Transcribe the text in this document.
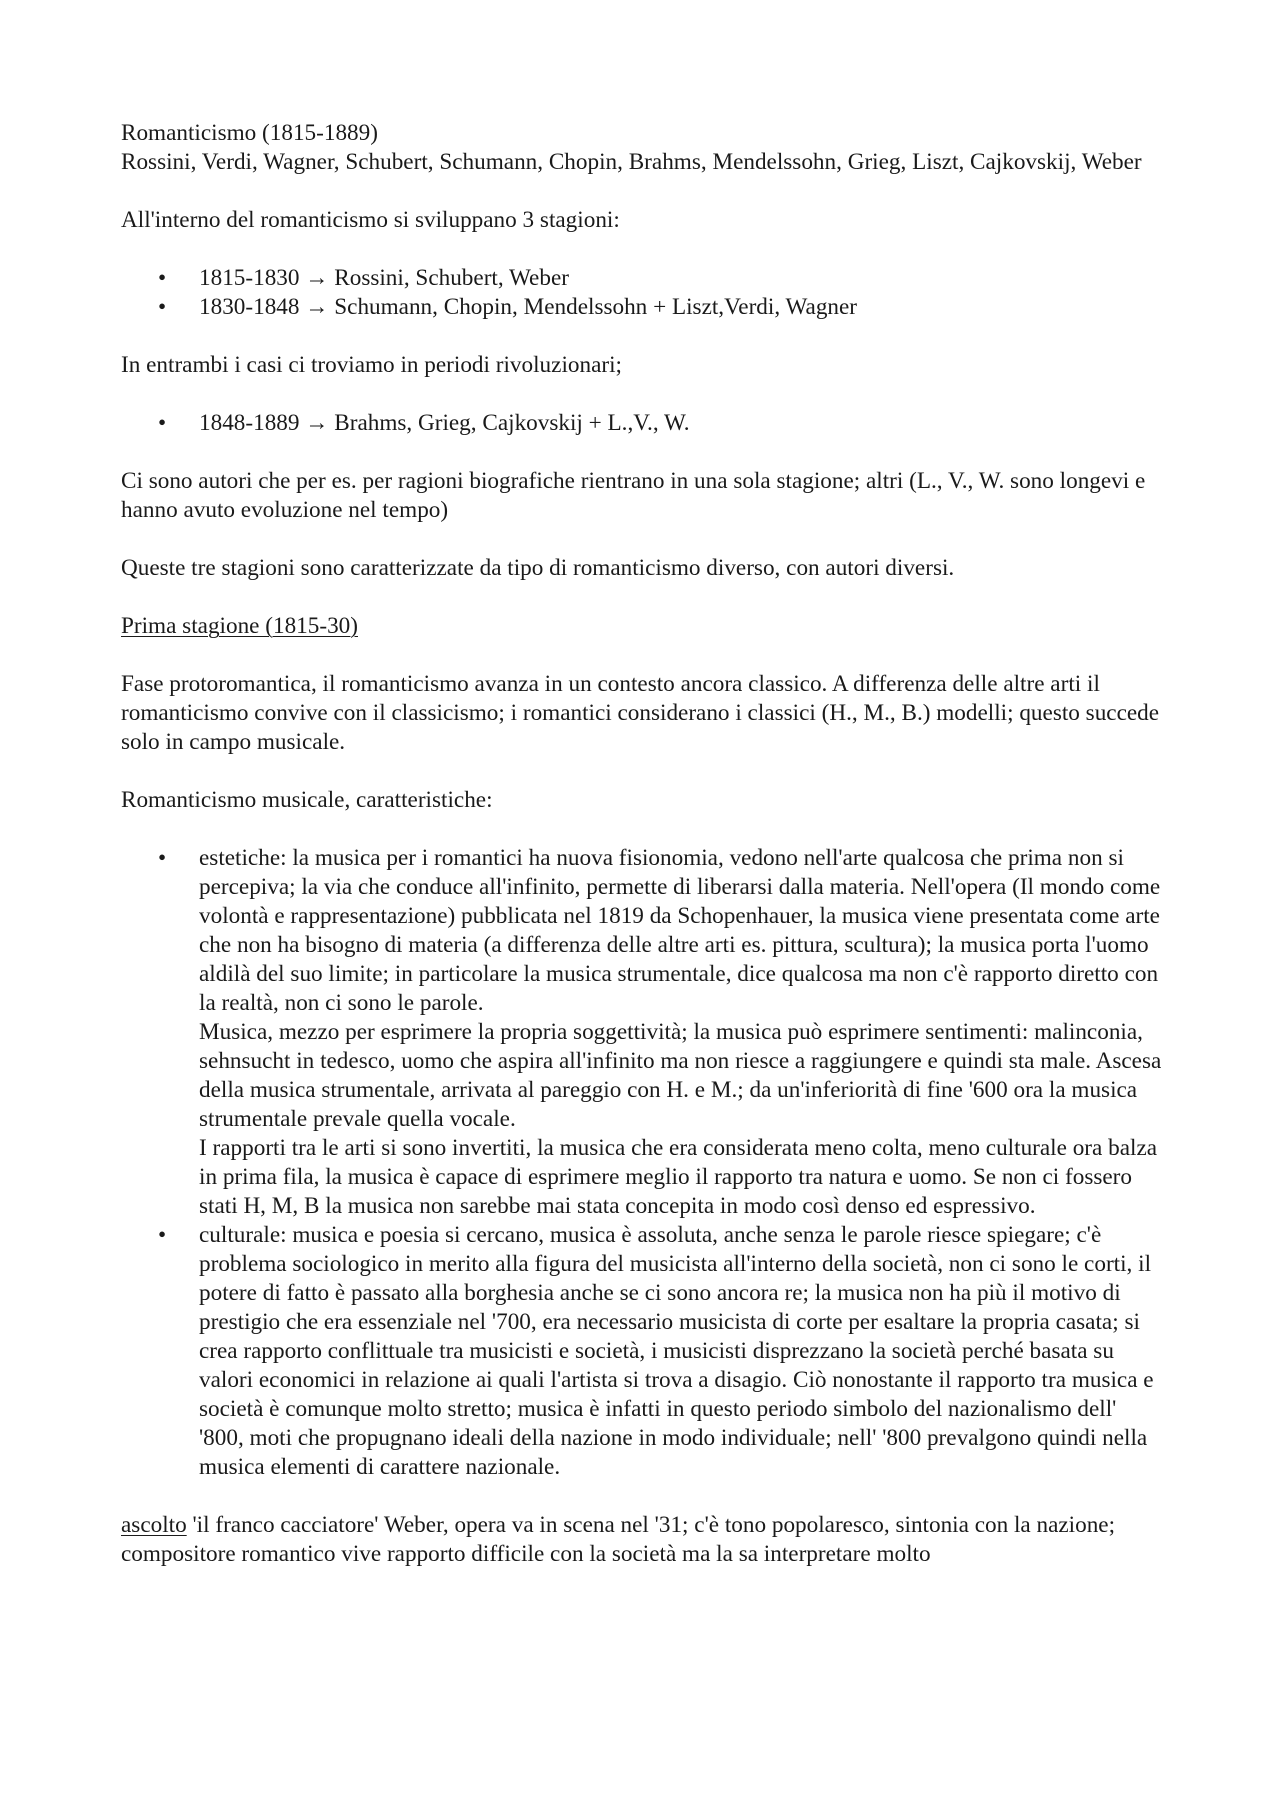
Romanticismo (1815-1889)

Rossini, Verdi, Wagner, Schubert, Schumann, Chopin, Brahms, Mendelssohn, Grieg, Liszt, Cajkovskij, Weber

All'interno del romanticismo si sviluppano 3 stagioni:

• 1815-1830 → Rossini, Schubert, Weber
• 1830-1848 → Schumann, Chopin, Mendelssohn + Liszt,Verdi, Wagner

In entrambi i casi ci troviamo in periodi rivoluzionari;

• 1848-1889 → Brahms, Grieg, Cajkovskij + L.,V., W.

Ci sono autori che per es. per ragioni biografiche rientrano in una sola stagione; altri (L., V., W. sono longevi e hanno avuto evoluzione nel tempo)

Queste tre stagioni sono caratterizzate da tipo di romanticismo diverso, con autori diversi.

Prima stagione (1815-30)

Fase protoromantica, il romanticismo avanza in un contesto ancora classico. A differenza delle altre arti il romanticismo convive con il classicismo; i romantici considerano i classici (H., M., B.) modelli; questo succede solo in campo musicale.

Romanticismo musicale, caratteristiche:

• estetiche: la musica per i romantici ha nuova fisionomia, vedono nell'arte qualcosa che prima non si percepiva; la via che conduce all'infinito, permette di liberarsi dalla materia. Nell'opera (Il mondo come volontà e rappresentazione) pubblicata nel 1819 da Schopenhauer, la musica viene presentata come arte che non ha bisogno di materia (a differenza delle altre arti es. pittura, scultura); la musica porta l'uomo aldilà del suo limite; in particolare la musica strumentale, dice qualcosa ma non c'è rapporto diretto con la realtà, non ci sono le parole.

Musica, mezzo per esprimere la propria soggettività; la musica può esprimere sentimenti: malinconia, sehnsucht in tedesco, uomo che aspira all'infinito ma non riesce a raggiungere e quindi sta male. Ascesa della musica strumentale, arrivata al pareggio con H. e M.; da un'inferiorità di fine '600 ora la musica strumentale prevale quella vocale.

I rapporti tra le arti si sono invertiti, la musica che era considerata meno colta, meno culturale ora balza in prima fila, la musica è capace di esprimere meglio il rapporto tra natura e uomo. Se non ci fossero stati H, M, B la musica non sarebbe mai stata concepita in modo così denso ed espressivo.

• culturale: musica e poesia si cercano, musica è assoluta, anche senza le parole riesce spiegare; c'è problema sociologico in merito alla figura del musicista all'interno della società, non ci sono le corti, il potere di fatto è passato alla borghesia anche se ci sono ancora re; la musica non ha più il motivo di prestigio che era essenziale nel '700, era necessario musicista di corte per esaltare la propria casata; si crea rapporto conflittuale tra musicisti e società, i musicisti disprezzano la società perché basata su valori economici in relazione ai quali l'artista si trova a disagio. Ciò nonostante il rapporto tra musica e società è comunque molto stretto; musica è infatti in questo periodo simbolo del nazionalismo dell' '800, moti che propugnano ideali della nazione in modo individuale; nell' '800 prevalgono quindi nella musica elementi di carattere nazionale.

ascolto 'il franco cacciatore' Weber, opera va in scena nel '31; c'è tono popolaresco, sintonia con la nazione; compositore romantico vive rapporto difficile con la società ma la sa interpretare molto
